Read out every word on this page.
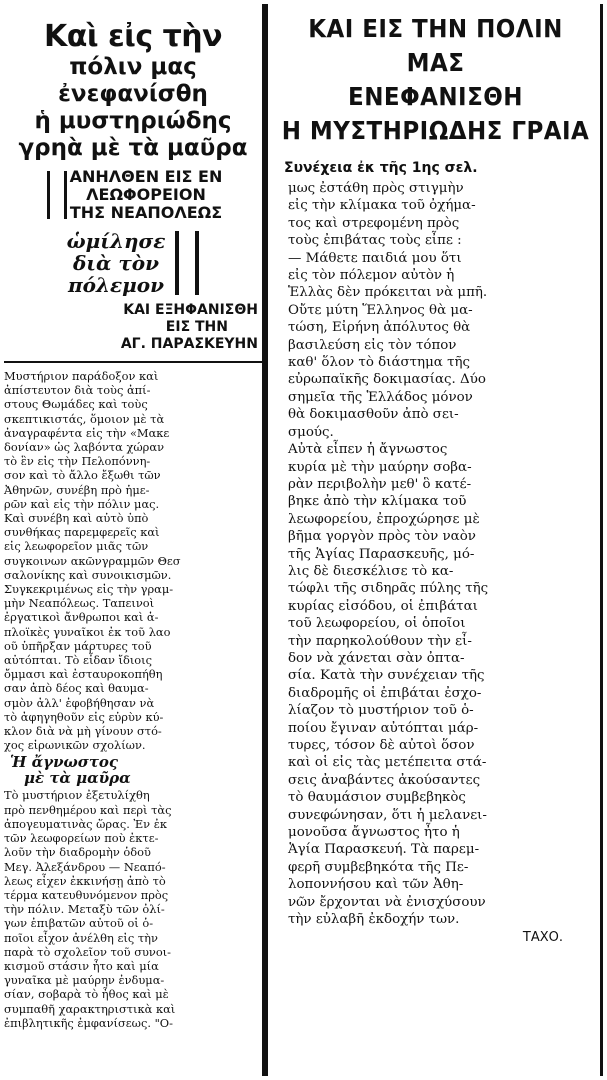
Καὶ εἰς τὴν
πόλιν μας
ἐνεφανίσθη
ἡ μυστηριώδης
γρηὰ μὲ τὰ μαῦρα
ΑΝΗΛΘΕΝ ΕΙΣ ΕΝ
ΛΕΩΦΟΡΕΙΟΝ
ΤΗΣ ΝΕΑΠΟΛΕΩΣ
ὡμίλησε
διὰ τὸν
πόλεμον
ΚΑΙ ΕΞΗΦΑΝΙΣΘΗ
ΕΙΣ ΤΗΝ
ΑΓ. ΠΑΡΑΣΚΕΥΗΝ
Μυστήριον παράδοξον καὶ
ἀπίστευτον διὰ τοὺς ἀπί-
στους Θωμάδες καὶ τοὺς
σκεπτικιστάς, ὅμοιον μὲ τὰ
ἀναγραφέντα εἰς τὴν «Μακε
δονίαν» ὡς λαβόντα χώραν
τὸ ἓν εἰς τὴν Πελοπόννη-
σον καὶ τὸ ἄλλο ἔξωθι τῶν
Ἀθηνῶν, συνέβη πρὸ ἡμε-
ρῶν καὶ εἰς τὴν πόλιν μας.
Καὶ συνέβη καὶ αὐτὸ ὑπὸ
συνθήκας παρεμφερεῖς καὶ
εἰς λεωφορεῖον μιᾶς τῶν
συγκοινων ακῶνγραμμῶν Θεσ
σαλονίκης καὶ συνοικισμῶν.
Συγκεκριμένως εἰς τὴν γραμ-
μὴν Νεαπόλεως. Ταπεινοὶ
ἐργατικοὶ ἄνθρωποι καὶ ἁ-
πλοϊκὲς γυναῖκοι ἐκ τοῦ λαο
οῦ ὑπῆρξαν μάρτυρες τοῦ
αὐτόπται. Τὸ εἶδαν ἴδιοις
ὄμμασι καὶ ἐσταυροκοπήθη
σαν ἀπὸ δέος καὶ θαυμα-
σμὸν ἀλλ' ἐφοβήθησαν νὰ
τὸ ἀφηγηθοῦν εἰς εὐρὺν κύ-
κλον διὰ νὰ μὴ γίνουν στό-
χος εἰρωνικῶν σχολίων.
Ἡ ἄγνωστος
μὲ τὰ μαῦρα
Τὸ μυστήριον ἐξετυλίχθη
πρὸ πενθημέρου καὶ περὶ τὰς
ἀπογευματινὰς ὥρας. Ἐν ἐκ
τῶν λεωφορείων ποὺ ἐκτε-
λοῦν τὴν διαδρομὴν ὁδοῦ
Μεγ. Ἀλεξάνδρου — Νεαπό-
λεως εἶχεν ἐκκινήσῃ ἀπὸ τὸ
τέρμα κατευθυνόμενον πρὸς
τὴν πόλιν. Μεταξὺ τῶν ὀλί-
γων ἐπιβατῶν αὐτοῦ οἱ ὁ-
ποῖοι εἶχον ἀνέλθη εἰς τὴν
παρὰ τὸ σχολεῖον τοῦ συνοι-
κισμοῦ στάσιν ἦτο καὶ μία
γυναῖκα μὲ μαύρην ἐνδυμα-
σίαν, σοβαρὰ τὸ ἦθος καὶ μὲ
συμπαθῆ χαρακτηριστικὰ καὶ
ἐπιβλητικῆς ἐμφανίσεως. "Ο-
ΚΑΙ ΕΙΣ ΤΗΝ ΠΟΛΙΝ ΜΑΣ
ΕΝΕΦΑΝΙΣΘΗ
Η ΜΥΣΤΗΡΙΩΔΗΣ ΓΡΑΙΑ
Συνέχεια ἐκ τῆς 1ης σελ.
μως ἐστάθη πρὸς στιγμὴν
εἰς τὴν κλίμακα τοῦ ὀχήμα-
τος καὶ στρεφομένη πρὸς
τοὺς ἐπιβάτας τοὺς εἶπε :
— Μάθετε παιδιά μου ὅτι
εἰς τὸν πόλεμον αὐτὸν ἡ
Ἑλλὰς δὲν πρόκειται νὰ μπῆ.
Οὔτε μύτη Ἕλληνος θὰ μα-
τώση, Εἰρήνη ἀπόλυτος θὰ
βασιλεύση εἰς τὸν τόπον
καθ' ὅλον τὸ διάστημα τῆς
εὐρωπαϊκῆς δοκιμασίας. Δύο
σημεῖα τῆς Ἑλλάδος μόνον
θὰ δοκιμασθοῦν ἀπὸ σει-
σμούς.
Αὐτὰ εἶπεν ἡ ἄγνωστος
κυρία μὲ τὴν μαύρην σοβα-
ρὰν περιβολὴν μεθ' ὃ κατέ-
βηκε ἀπὸ τὴν κλίμακα τοῦ
λεωφορείου, ἐπροχώρησε μὲ
βῆμα γοργὸν πρὸς τὸν ναὸν
τῆς Ἁγίας Παρασκευῆς, μό-
λις δὲ διεσκέλισε τὸ κα-
τώφλι τῆς σιδηρᾶς πύλης τῆς
κυρίας εἰσόδου, οἱ ἐπιβάται
τοῦ λεωφορείου, οἱ ὁποῖοι
τὴν παρηκολούθουν τὴν εἶ-
δον νὰ χάνεται σὰν ὀπτα-
σία. Κατὰ τὴν συνέχειαν τῆς
διαδρομῆς οἱ ἐπιβάται ἐσχο-
λίαζον τὸ μυστήριον τοῦ ὁ-
ποίου ἔγιναν αὐτόπται μάρ-
τυρες, τόσον δὲ αὐτοὶ ὅσον
καὶ οἱ εἰς τὰς μετέπειτα στά-
σεις ἀναβάντες ἀκούσαντες
τὸ θαυμάσιον συμβεβηκὸς
συνεφώνησαν, ὅτι ἡ μελανει-
μονοῦσα ἄγνωστος ἦτο ἡ
Ἁγία Παρασκευή. Τὰ παρεμ-
φερῆ συμβεβηκότα τῆς Πε-
λοποννήσου καὶ τῶν Ἀθη-
νῶν ἔρχονται νὰ ἐνισχύσουν
τὴν εὐλαβῆ ἐκδοχήν των.
ΤΑΧΟ.
